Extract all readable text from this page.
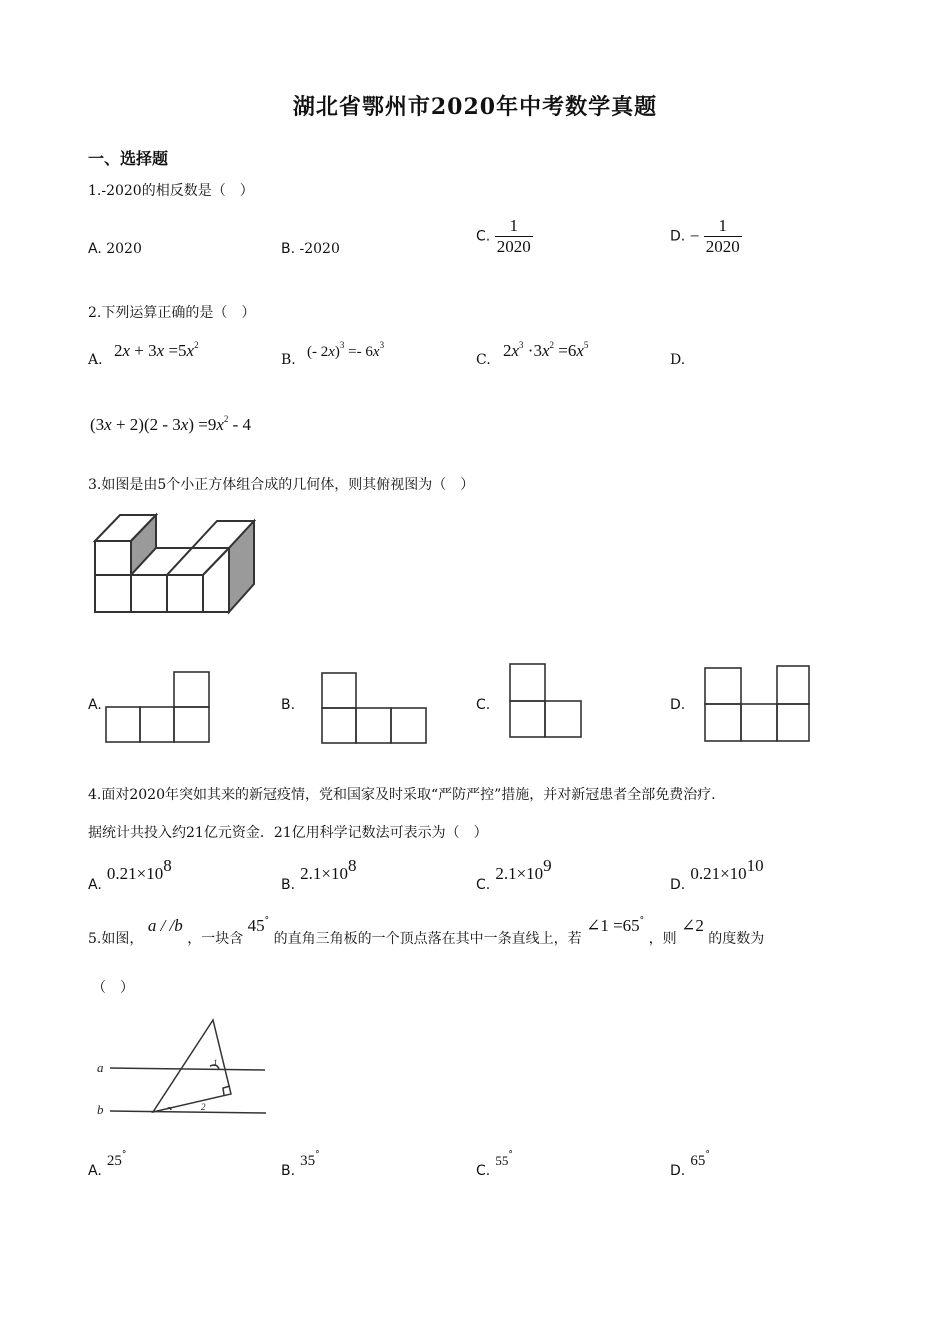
湖北省鄂州市2020年中考数学真题
一、选择题
1.-2020的相反数是（　）
A. 2020	B. -2020
C. $\frac{1}{2020}$	D. − $\frac{1}{2020}$
2.下列运算正确的是（　）
A. $2x + 3x =5x^2$
B. (- $2x)^3 =- 6x^3$
C. $2x^3 \cdot 3x^2 =6x^5$
D.
$(3x + 2)(2 - 3x) =9x^2 - 4$
3.如图是由5个小正方体组合成的几何体，则其俯视图为（　）
A.	B.	C.	D.
4.面对2020年突如其来的新冠疫情，党和国家及时采取“严防严控”措施，并对新冠患者全部免费治疗．
据统计共投入约21亿元资金．21亿用科学记数法可表示为（　）
A. $0.21\times 10^8$
B. $2.1\times 10^8$
C. $2.1\times 10^9$
D. $0.21\times 10^{10}$
5.如图， a / /b ，一块含 45° 的直角三角板的一个顶点落在其中一条直线上，若 ∠1 =65° ，则 ∠2 的度数为
（　）
a
b
1
2
A. 25°
B. 35°
C. 55°
D. 65°
